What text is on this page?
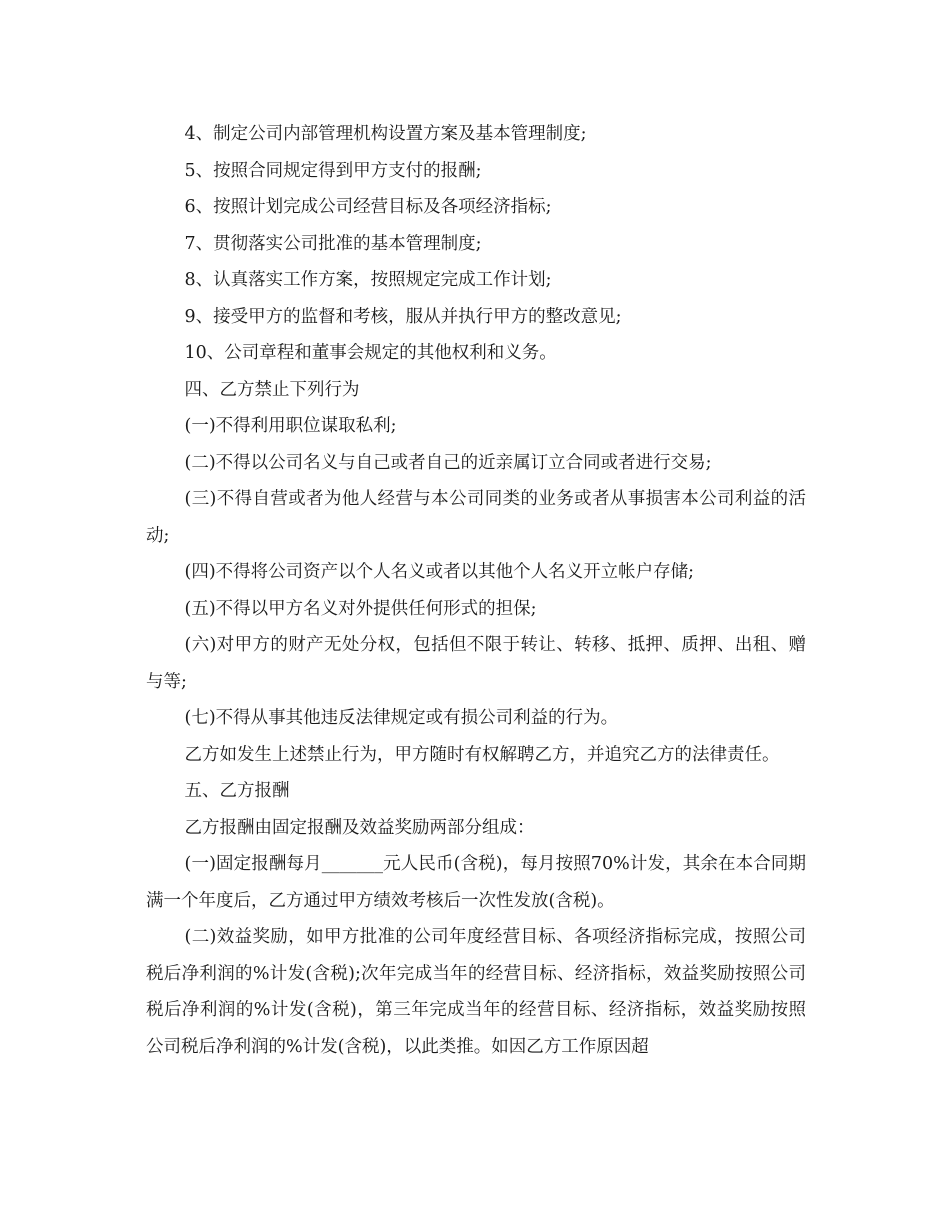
4、制定公司内部管理机构设置方案及基本管理制度;

5、按照合同规定得到甲方支付的报酬;

6、按照计划完成公司经营目标及各项经济指标;

7、贯彻落实公司批准的基本管理制度;

8、认真落实工作方案，按照规定完成工作计划;

9、接受甲方的监督和考核，服从并执行甲方的整改意见;

10、公司章程和董事会规定的其他权利和义务。

四、乙方禁止下列行为

(一)不得利用职位谋取私利;

(二)不得以公司名义与自己或者自己的近亲属订立合同或者进行交易;

(三)不得自营或者为他人经营与本公司同类的业务或者从事损害本公司利益的活动;

(四)不得将公司资产以个人名义或者以其他个人名义开立帐户存储;

(五)不得以甲方名义对外提供任何形式的担保;

(六)对甲方的财产无处分权，包括但不限于转让、转移、抵押、质押、出租、赠与等;

(七)不得从事其他违反法律规定或有损公司利益的行为。

乙方如发生上述禁止行为，甲方随时有权解聘乙方，并追究乙方的法律责任。

五、乙方报酬

乙方报酬由固定报酬及效益奖励两部分组成：

(一)固定报酬每月_______元人民币(含税)，每月按照70%计发，其余在本合同期满一个年度后，乙方通过甲方绩效考核后一次性发放(含税)。

(二)效益奖励，如甲方批准的公司年度经营目标、各项经济指标完成，按照公司税后净利润的%计发(含税);次年完成当年的经营目标、经济指标，效益奖励按照公司税后净利润的%计发(含税)，第三年完成当年的经营目标、经济指标，效益奖励按照公司税后净利润的%计发(含税)，以此类推。如因乙方工作原因超
